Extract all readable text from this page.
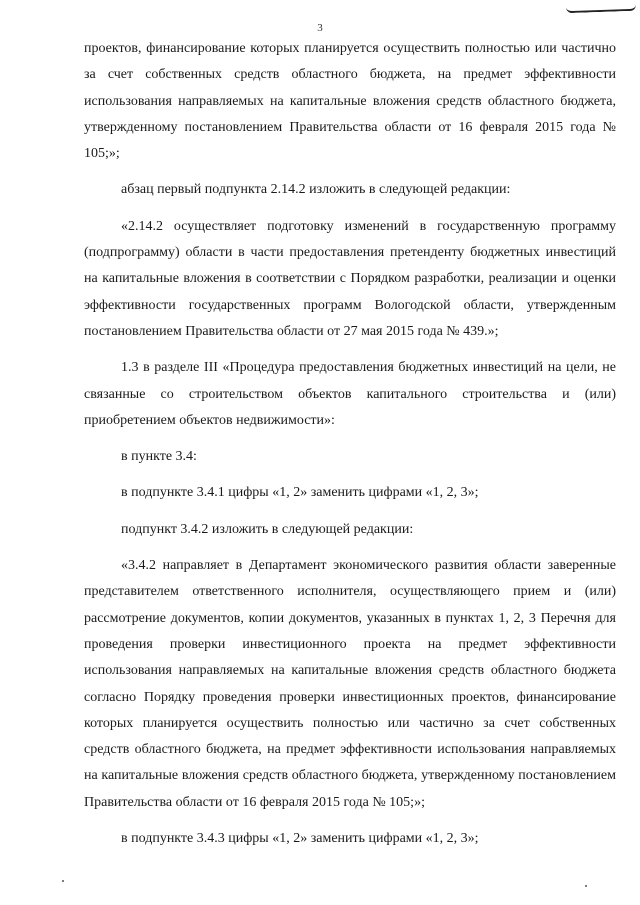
3

проектов, финансирование которых планируется осуществить полностью или частично за счет собственных средств областного бюджета, на предмет эффективности использования направляемых на капитальные вложения средств областного бюджета, утвержденному постановлением Правительства области от 16 февраля 2015 года № 105;»;

абзац первый подпункта 2.14.2 изложить в следующей редакции:

«2.14.2 осуществляет подготовку изменений в государственную программу (подпрограмму) области в части предоставления претенденту бюджетных инвестиций на капитальные вложения в соответствии с Порядком разработки, реализации и оценки эффективности государственных программ Вологодской области, утвержденным постановлением Правительства области от 27 мая 2015 года № 439.»;

1.3 в разделе III «Процедура предоставления бюджетных инвестиций на цели, не связанные со строительством объектов капитального строительства и (или) приобретением объектов недвижимости»:

в пункте 3.4:

в подпункте 3.4.1 цифры «1, 2» заменить цифрами «1, 2, 3»;

подпункт 3.4.2 изложить в следующей редакции:

«3.4.2 направляет в Департамент экономического развития области заверенные представителем ответственного исполнителя, осуществляющего прием и (или) рассмотрение документов, копии документов, указанных в пунктах 1, 2, 3 Перечня для проведения проверки инвестиционного проекта на предмет эффективности использования направляемых на капитальные вложения средств областного бюджета согласно Порядку проведения проверки инвестиционных проектов, финансирование которых планируется осуществить полностью или частично за счет собственных средств областного бюджета, на предмет эффективности использования направляемых на капитальные вложения средств областного бюджета, утвержденному постановлением Правительства области от 16 февраля 2015 года № 105;»;

в подпункте 3.4.3 цифры «1, 2» заменить цифрами «1, 2, 3»;
